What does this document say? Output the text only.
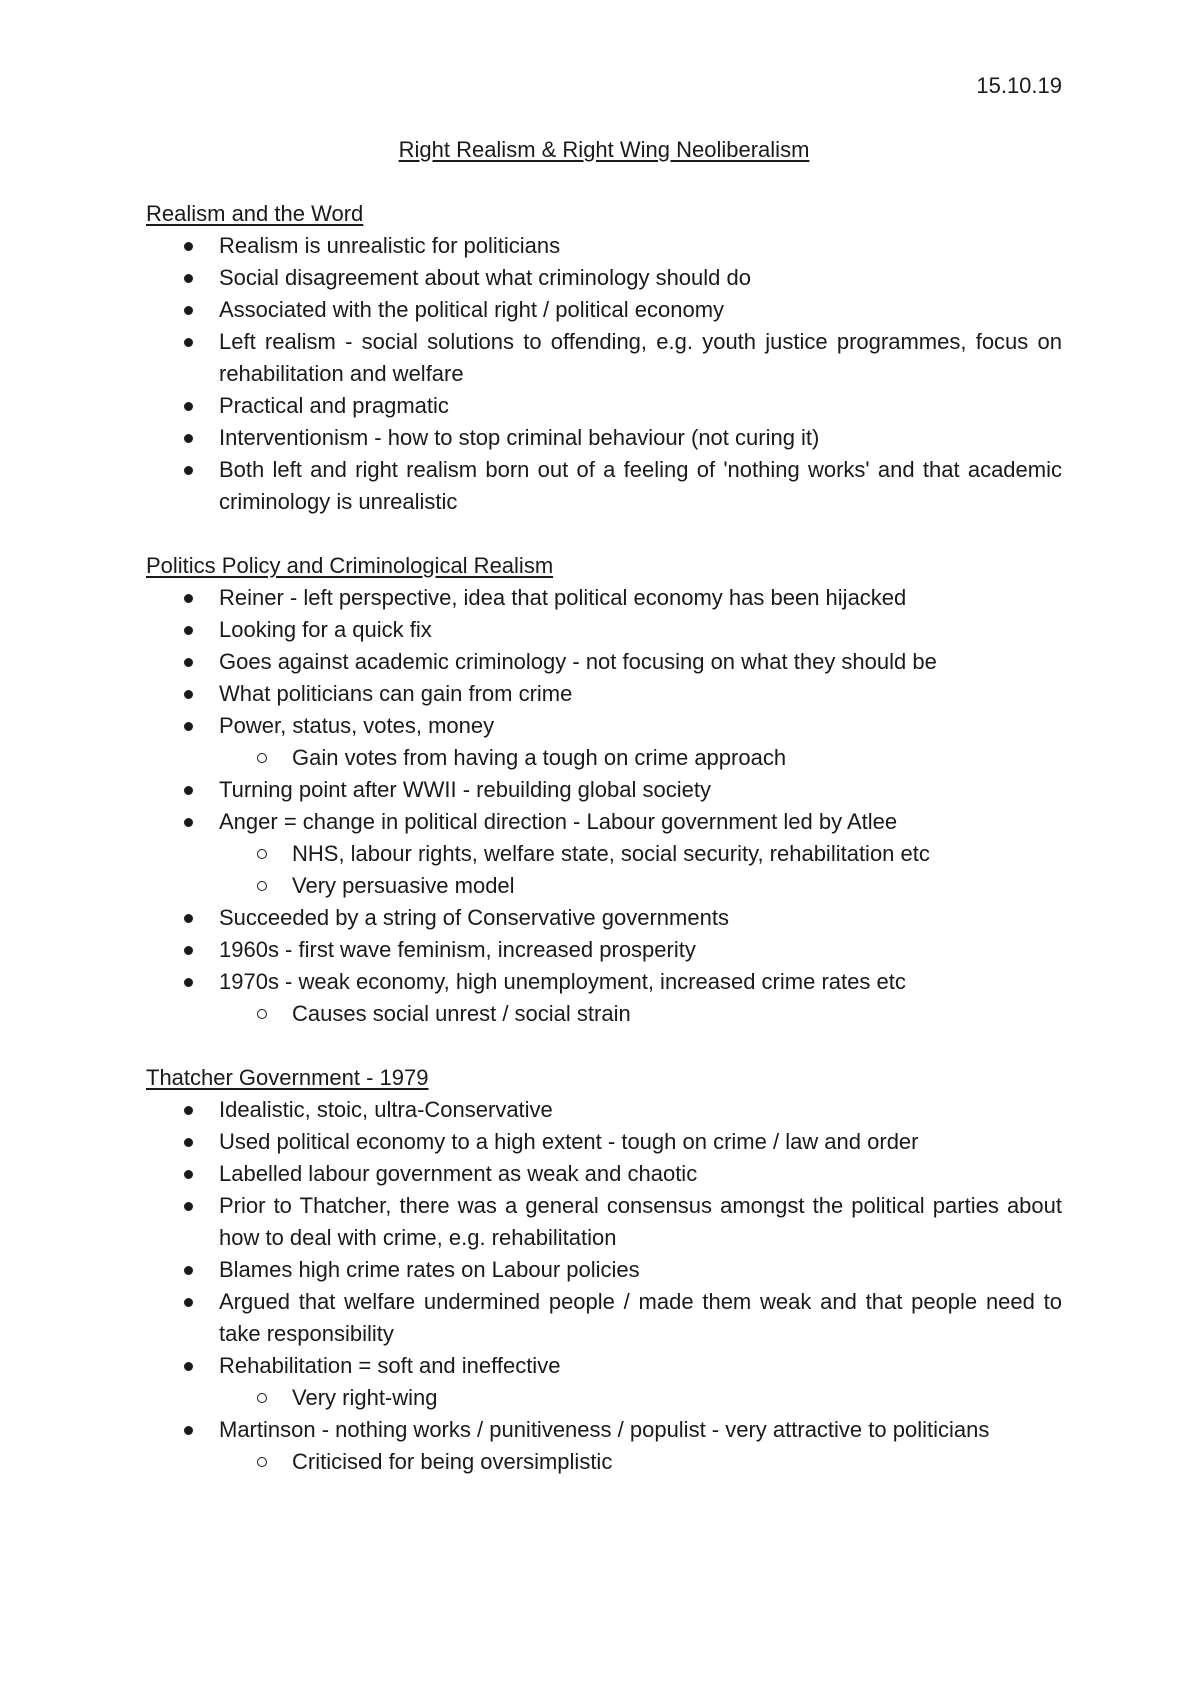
15.10.19

Right Realism & Right Wing Neoliberalism

Realism and the Word

Realism is unrealistic for politicians
Social disagreement about what criminology should do
Associated with the political right / political economy
Left realism - social solutions to offending, e.g. youth justice programmes, focus on rehabilitation and welfare
Practical and pragmatic
Interventionism - how to stop criminal behaviour (not curing it)
Both left and right realism born out of a feeling of 'nothing works' and that academic criminology is unrealistic

Politics Policy and Criminological Realism

Reiner - left perspective, idea that political economy has been hijacked
Looking for a quick fix
Goes against academic criminology - not focusing on what they should be
What politicians can gain from crime
Power, status, votes, money
Gain votes from having a tough on crime approach
Turning point after WWII - rebuilding global society
Anger = change in political direction - Labour government led by Atlee
NHS, labour rights, welfare state, social security, rehabilitation etc
Very persuasive model
Succeeded by a string of Conservative governments
1960s - first wave feminism, increased prosperity
1970s - weak economy, high unemployment, increased crime rates etc
Causes social unrest / social strain

Thatcher Government - 1979

Idealistic, stoic, ultra-Conservative
Used political economy to a high extent - tough on crime / law and order
Labelled labour government as weak and chaotic
Prior to Thatcher, there was a general consensus amongst the political parties about how to deal with crime, e.g. rehabilitation
Blames high crime rates on Labour policies
Argued that welfare undermined people / made them weak and that people need to take responsibility
Rehabilitation = soft and ineffective
Very right-wing
Martinson - nothing works / punitiveness / populist - very attractive to politicians
Criticised for being oversimplistic
